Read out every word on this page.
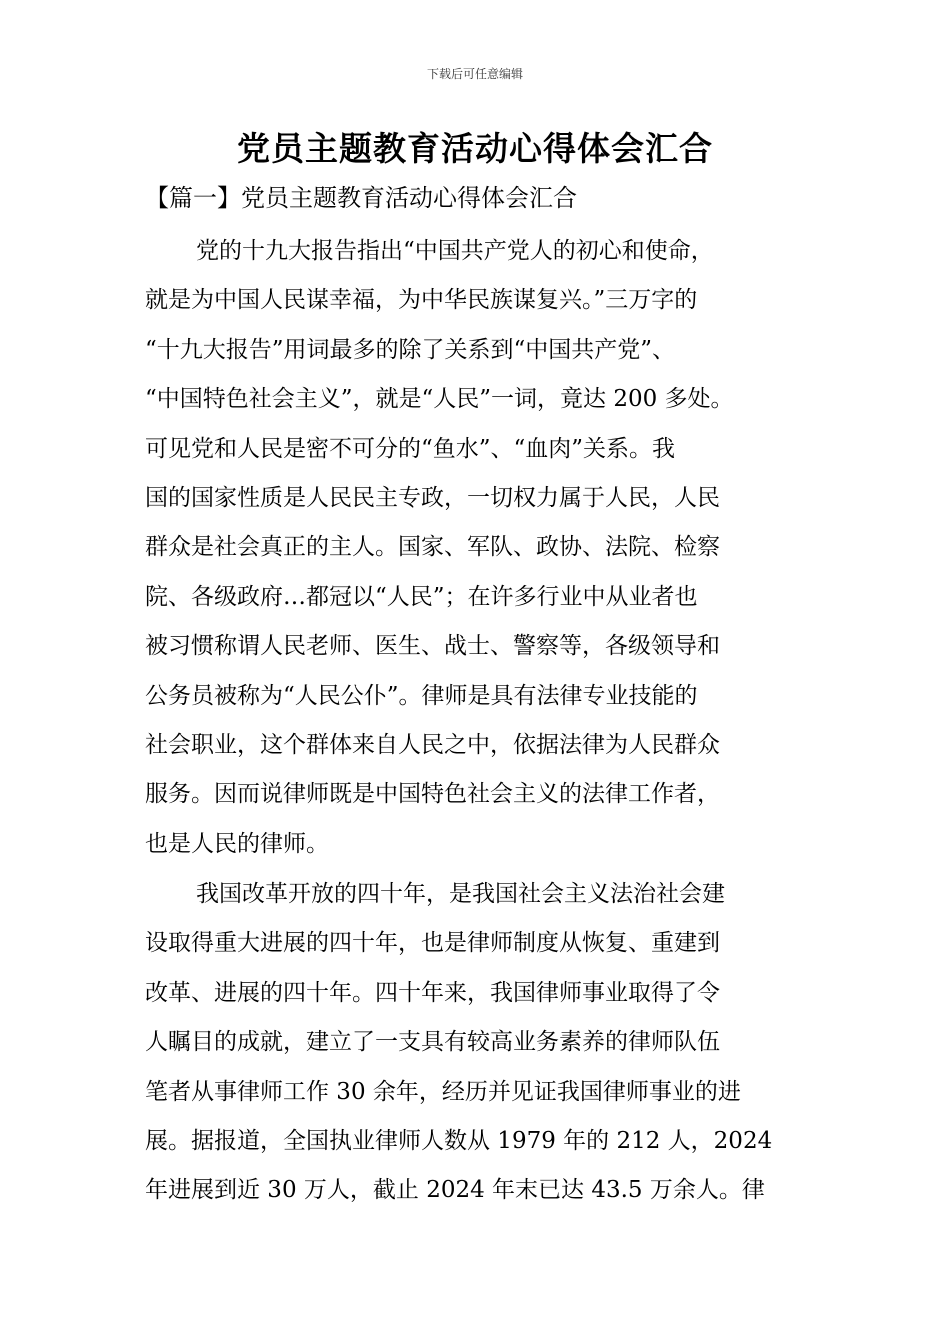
下载后可任意编辑
党员主题教育活动心得体会汇合
【篇一】党员主题教育活动心得体会汇合
党的十九大报告指出“中国共产党人的初心和使命，
就是为中国人民谋幸福，为中华民族谋复兴。”三万字的
“十九大报告”用词最多的除了关系到“中国共产党”、
“中国特色社会主义”，就是“人民”一词，竟达 200 多处。
可见党和人民是密不可分的“鱼水”、“血肉”关系。我
国的国家性质是人民民主专政，一切权力属于人民，人民
群众是社会真正的主人。国家、军队、政协、法院、检察
院、各级政府…都冠以“人民”；在许多行业中从业者也
被习惯称谓人民老师、医生、战士、警察等，各级领导和
公务员被称为“人民公仆”。律师是具有法律专业技能的
社会职业，这个群体来自人民之中，依据法律为人民群众
服务。因而说律师既是中国特色社会主义的法律工作者，
也是人民的律师。
我国改革开放的四十年，是我国社会主义法治社会建
设取得重大进展的四十年，也是律师制度从恢复、重建到
改革、进展的四十年。四十年来，我国律师事业取得了令
人瞩目的成就，建立了一支具有较高业务素养的律师队伍
笔者从事律师工作 30 余年，经历并见证我国律师事业的进
展。据报道，全国执业律师人数从 1979 年的 212 人，2024
年进展到近 30 万人，截止 2024 年末已达 43.5 万余人。律
